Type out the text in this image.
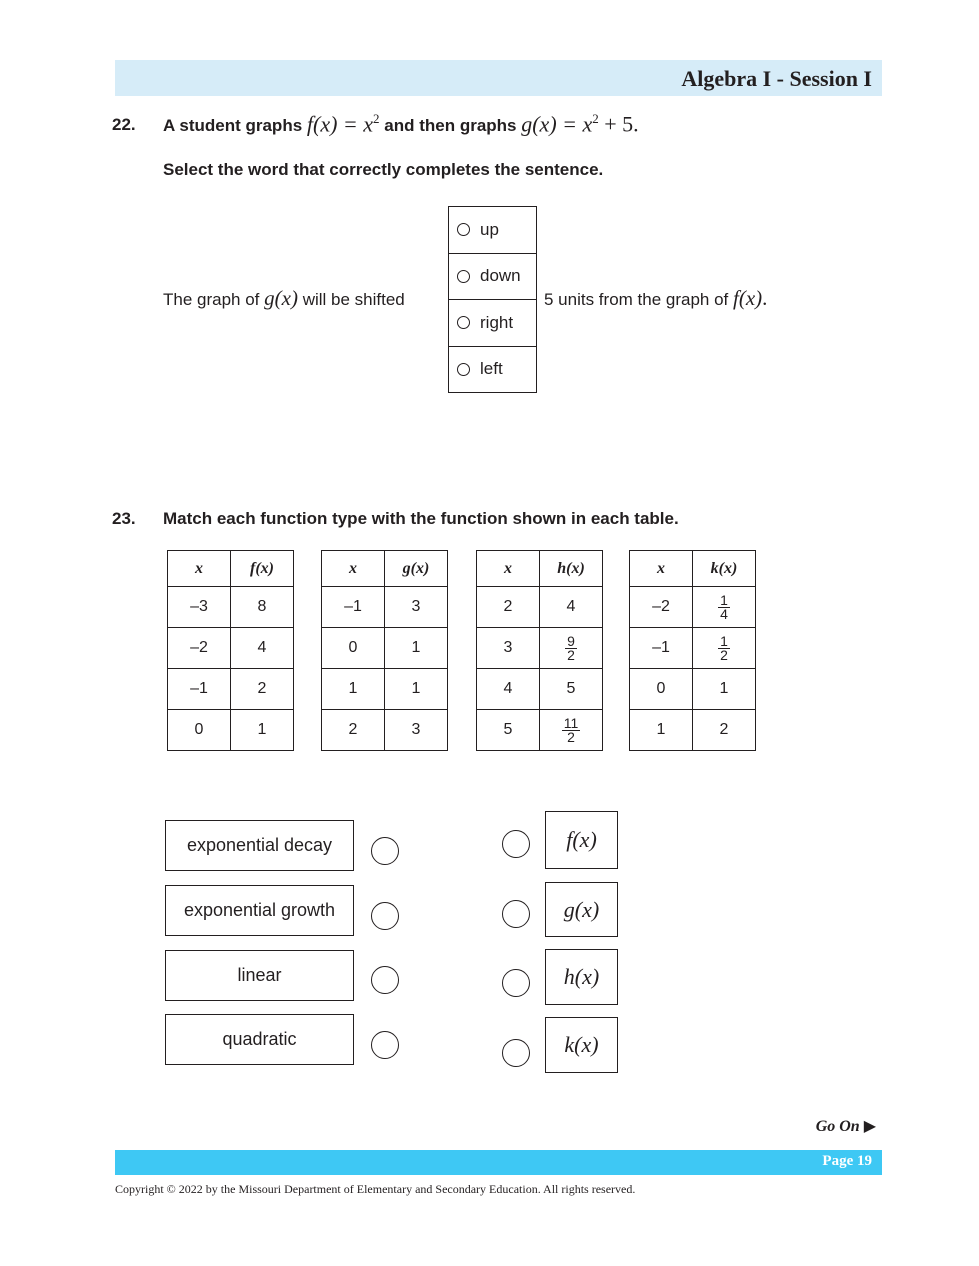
Algebra I - Session I
22. A student graphs
$f(x) = x^2$
and then graphs
$g(x) = x^2 + 5$.
Select the word that correctly completes the sentence.
The graph of
g(x)
will be shifted
up
down
right
left
5 units from the graph of
f(x) .
23. Match each function type with the function shown in each table.
x	f(x)
–3	8
–2	4
–1	2
0	1
x	g(x)
–1	3
0	1
1	1
2	3
x	h(x)
2	4
3	$\frac{9}{2}$

4	5
5	$\frac{11}{2}$
x	k(x)
–2	$\frac{1}{4}$

–1	$\frac{1}{2}$

0	1
1	2
exponential decay
exponential growth
linear
quadratic
f(x)
g(x)
h(x)
k(x)
Go On ▶
Page 19
Copyright © 2022 by the Missouri Department of Elementary and Secondary Education. All rights reserved.
